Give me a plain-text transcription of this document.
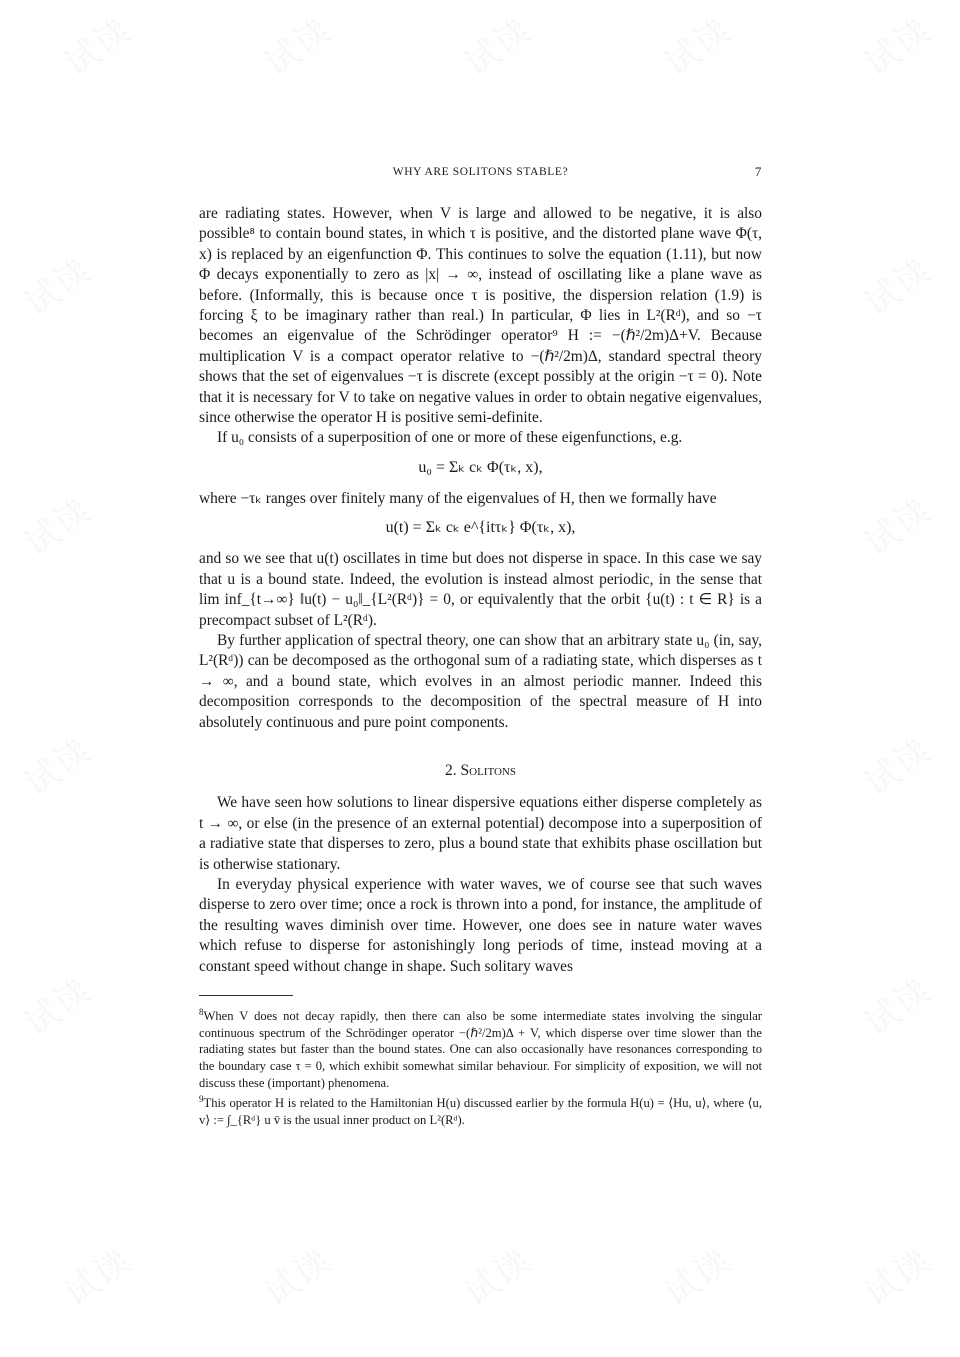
试读	试读	试读	试读	试读
试读	试读
试读	试读
试读	试读
试读	试读
试读	试读	试读	试读	试读
WHY ARE SOLITONS STABLE?	7

are radiating states. However, when V is large and allowed to be negative, it is also possible⁸ to contain bound states, in which τ is positive, and the distorted plane wave Φ(τ, x) is replaced by an eigenfunction Φ. This continues to solve the equation (1.11), but now Φ decays exponentially to zero as |x| → ∞, instead of oscillating like a plane wave as before. (Informally, this is because once τ is positive, the dispersion relation (1.9) is forcing ξ to be imaginary rather than real.) In particular, Φ lies in L²(Rᵈ), and so −τ becomes an eigenvalue of the Schrödinger operator⁹ H := −(ℏ²/2m)Δ+V. Because multiplication V is a compact operator relative to −(ℏ²/2m)Δ, standard spectral theory shows that the set of eigenvalues −τ is discrete (except possibly at the origin −τ = 0). Note that it is necessary for V to take on negative values in order to obtain negative eigenvalues, since otherwise the operator H is positive semi-definite.

If u₀ consists of a superposition of one or more of these eigenfunctions, e.g.

u₀ = Σₖ cₖ Φ(τₖ, x),

where −τₖ ranges over finitely many of the eigenvalues of H, then we formally have

u(t) = Σₖ cₖ e^{itτₖ} Φ(τₖ, x),

and so we see that u(t) oscillates in time but does not disperse in space. In this case we say that u is a bound state. Indeed, the evolution is instead almost periodic, in the sense that lim inf_{t→∞} ‖u(t) − u₀‖_{L²(Rᵈ)} = 0, or equivalently that the orbit {u(t) : t ∈ R} is a precompact subset of L²(Rᵈ).

By further application of spectral theory, one can show that an arbitrary state u₀ (in, say, L²(Rᵈ)) can be decomposed as the orthogonal sum of a radiating state, which disperses as t → ∞, and a bound state, which evolves in an almost periodic manner. Indeed this decomposition corresponds to the decomposition of the spectral measure of H into absolutely continuous and pure point components.

2. Solitons

We have seen how solutions to linear dispersive equations either disperse completely as t → ∞, or else (in the presence of an external potential) decompose into a superposition of a radiative state that disperses to zero, plus a bound state that exhibits phase oscillation but is otherwise stationary.

In everyday physical experience with water waves, we of course see that such waves disperse to zero over time; once a rock is thrown into a pond, for instance, the amplitude of the resulting waves diminish over time. However, one does see in nature water waves which refuse to disperse for astonishingly long periods of time, instead moving at a constant speed without change in shape. Such solitary waves

$^8$When V does not decay rapidly, then there can also be some intermediate states involving the singular continuous spectrum of the Schrödinger operator −(ℏ²/2m)Δ + V, which disperse over time slower than the radiating states but faster than the bound states. One can also occasionally have resonances corresponding to the boundary case τ = 0, which exhibit somewhat similar behaviour. For simplicity of exposition, we will not discuss these (important) phenomena.

$^9$This operator H is related to the Hamiltonian H(u) discussed earlier by the formula H(u) = ⟨Hu, u⟩, where ⟨u, v⟩ := ∫_{Rᵈ} u v̄ is the usual inner product on L²(Rᵈ).
